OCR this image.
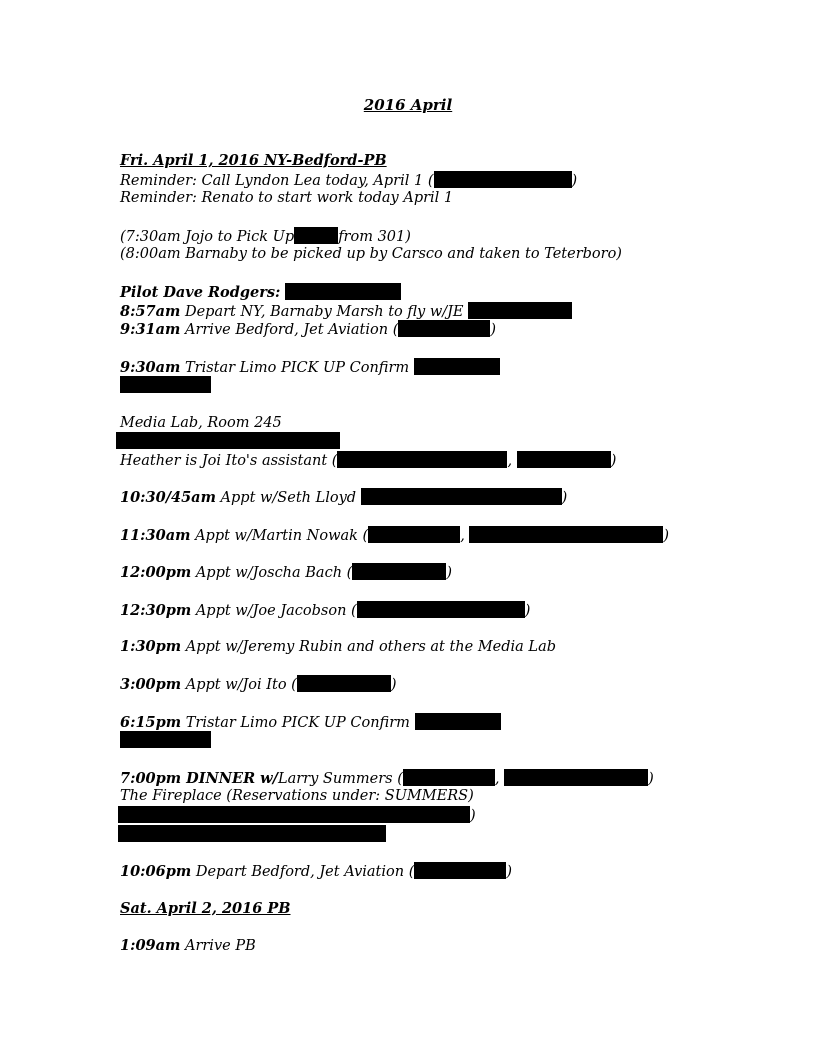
2016 April
Fri. April 1, 2016 NY-Bedford-PB
Reminder: Call Lyndon Lea today, April 1 (	)
Reminder: Renato to start work today April 1
(7:30am Jojo to Pick Up	from 301)
(8:00am Barnaby to be picked up by Carsco and taken to Teterboro)
Pilot Dave Rodgers:
8:57am Depart NY, Barnaby Marsh to fly w/JE
9:31am Arrive Bedford, Jet Aviation (	)
9:30am Tristar Limo PICK UP Confirm
Media Lab, Room 245
Heather is Joi Ito's assistant (	,	)
10:30/45am Appt w/Seth Lloyd	)
11:30am Appt w/Martin Nowak (	,	)
12:00pm Appt w/Joscha Bach (	)
12:30pm Appt w/Joe Jacobson (	)
1:30pm Appt w/Jeremy Rubin and others at the Media Lab
3:00pm Appt w/Joi Ito (	)
6:15pm Tristar Limo PICK UP Confirm
7:00pm DINNER w/Larry Summers (	,	)
The Fireplace (Reservations under: SUMMERS)
)
10:06pm Depart Bedford, Jet Aviation (	)
Sat. April 2, 2016 PB
1:09am Arrive PB
